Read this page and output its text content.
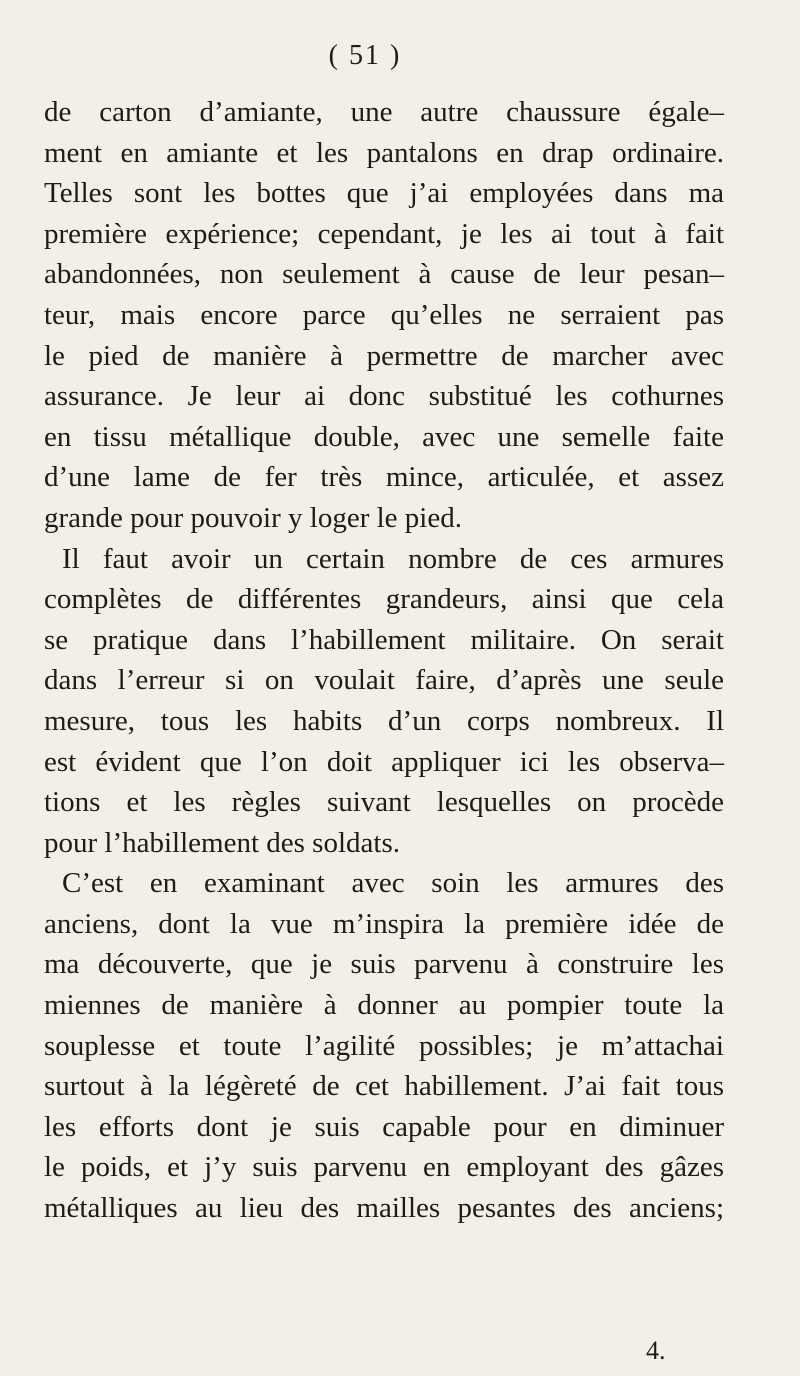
( 51 )
de carton d’amiante, une autre chaussure égale–
ment en amiante et les pantalons en drap ordinaire.
Telles sont les bottes que j’ai employées dans ma
première expérience; cependant, je les ai tout à fait
abandonnées, non seulement à cause de leur pesan–
teur, mais encore parce qu’elles ne serraient pas
le pied de manière à permettre de marcher avec
assurance. Je leur ai donc substitué les cothurnes
en tissu métallique double, avec une semelle faite
d’une lame de fer très mince, articulée, et assez
grande pour pouvoir y loger le pied.
Il faut avoir un certain nombre de ces armures
complètes de différentes grandeurs, ainsi que cela
se pratique dans l’habillement militaire. On serait
dans l’erreur si on voulait faire, d’après une seule
mesure, tous les habits d’un corps nombreux. Il
est évident que l’on doit appliquer ici les observa–
tions et les règles suivant lesquelles on procède
pour l’habillement des soldats.
C’est en examinant avec soin les armures des
anciens, dont la vue m’inspira la première idée de
ma découverte, que je suis parvenu à construire les
miennes de manière à donner au pompier toute la
souplesse et toute l’agilité possibles; je m’attachai
surtout à la légèreté de cet habillement. J’ai fait tous
les efforts dont je suis capable pour en diminuer
le poids, et j’y suis parvenu en employant des gâzes
métalliques au lieu des mailles pesantes des anciens;
4.
